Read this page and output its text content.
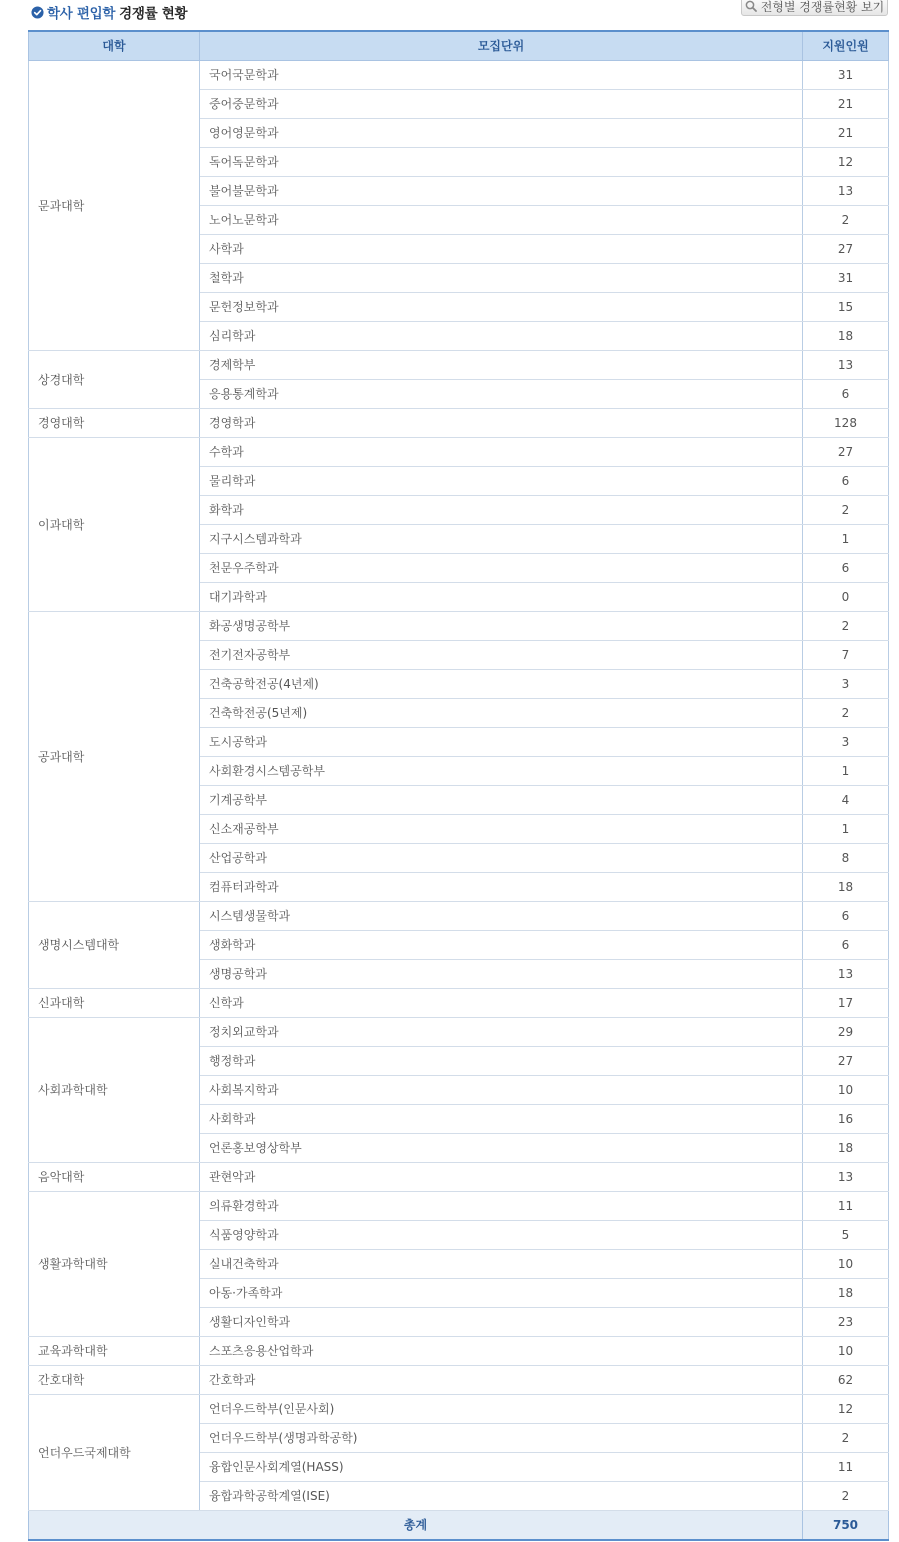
학사 편입학 경쟁률 현황	전형별 경쟁률현황 보기
대학	모집단위	지원인원
문과대학	국어국문학과	31
	중어중문학과	21
	영어영문학과	21
	독어독문학과	12
	불어불문학과	13
	노어노문학과	2
	사학과	27
	철학과	31
	문헌정보학과	15
	심리학과	18
상경대학	경제학부	13
	응용통계학과	6
경영대학	경영학과	128
이과대학	수학과	27
	물리학과	6
	화학과	2
	지구시스템과학과	1
	천문우주학과	6
	대기과학과	0
공과대학	화공생명공학부	2
	전기전자공학부	7
	건축공학전공(4년제)	3
	건축학전공(5년제)	2
	도시공학과	3
	사회환경시스템공학부	1
	기계공학부	4
	신소재공학부	1
	산업공학과	8
	컴퓨터과학과	18
생명시스템대학	시스템생물학과	6
	생화학과	6
	생명공학과	13
신과대학	신학과	17
사회과학대학	정치외교학과	29
	행정학과	27
	사회복지학과	10
	사회학과	16
	언론홍보영상학부	18
음악대학	관현악과	13
생활과학대학	의류환경학과	11
	식품영양학과	5
	실내건축학과	10
	아동·가족학과	18
	생활디자인학과	23
교육과학대학	스포츠응용산업학과	10
간호대학	간호학과	62
언더우드국제대학	언더우드학부(인문사회)	12
	언더우드학부(생명과학공학)	2
	융합인문사회계열(HASS)	11
	융합과학공학계열(ISE)	2
총계		750
